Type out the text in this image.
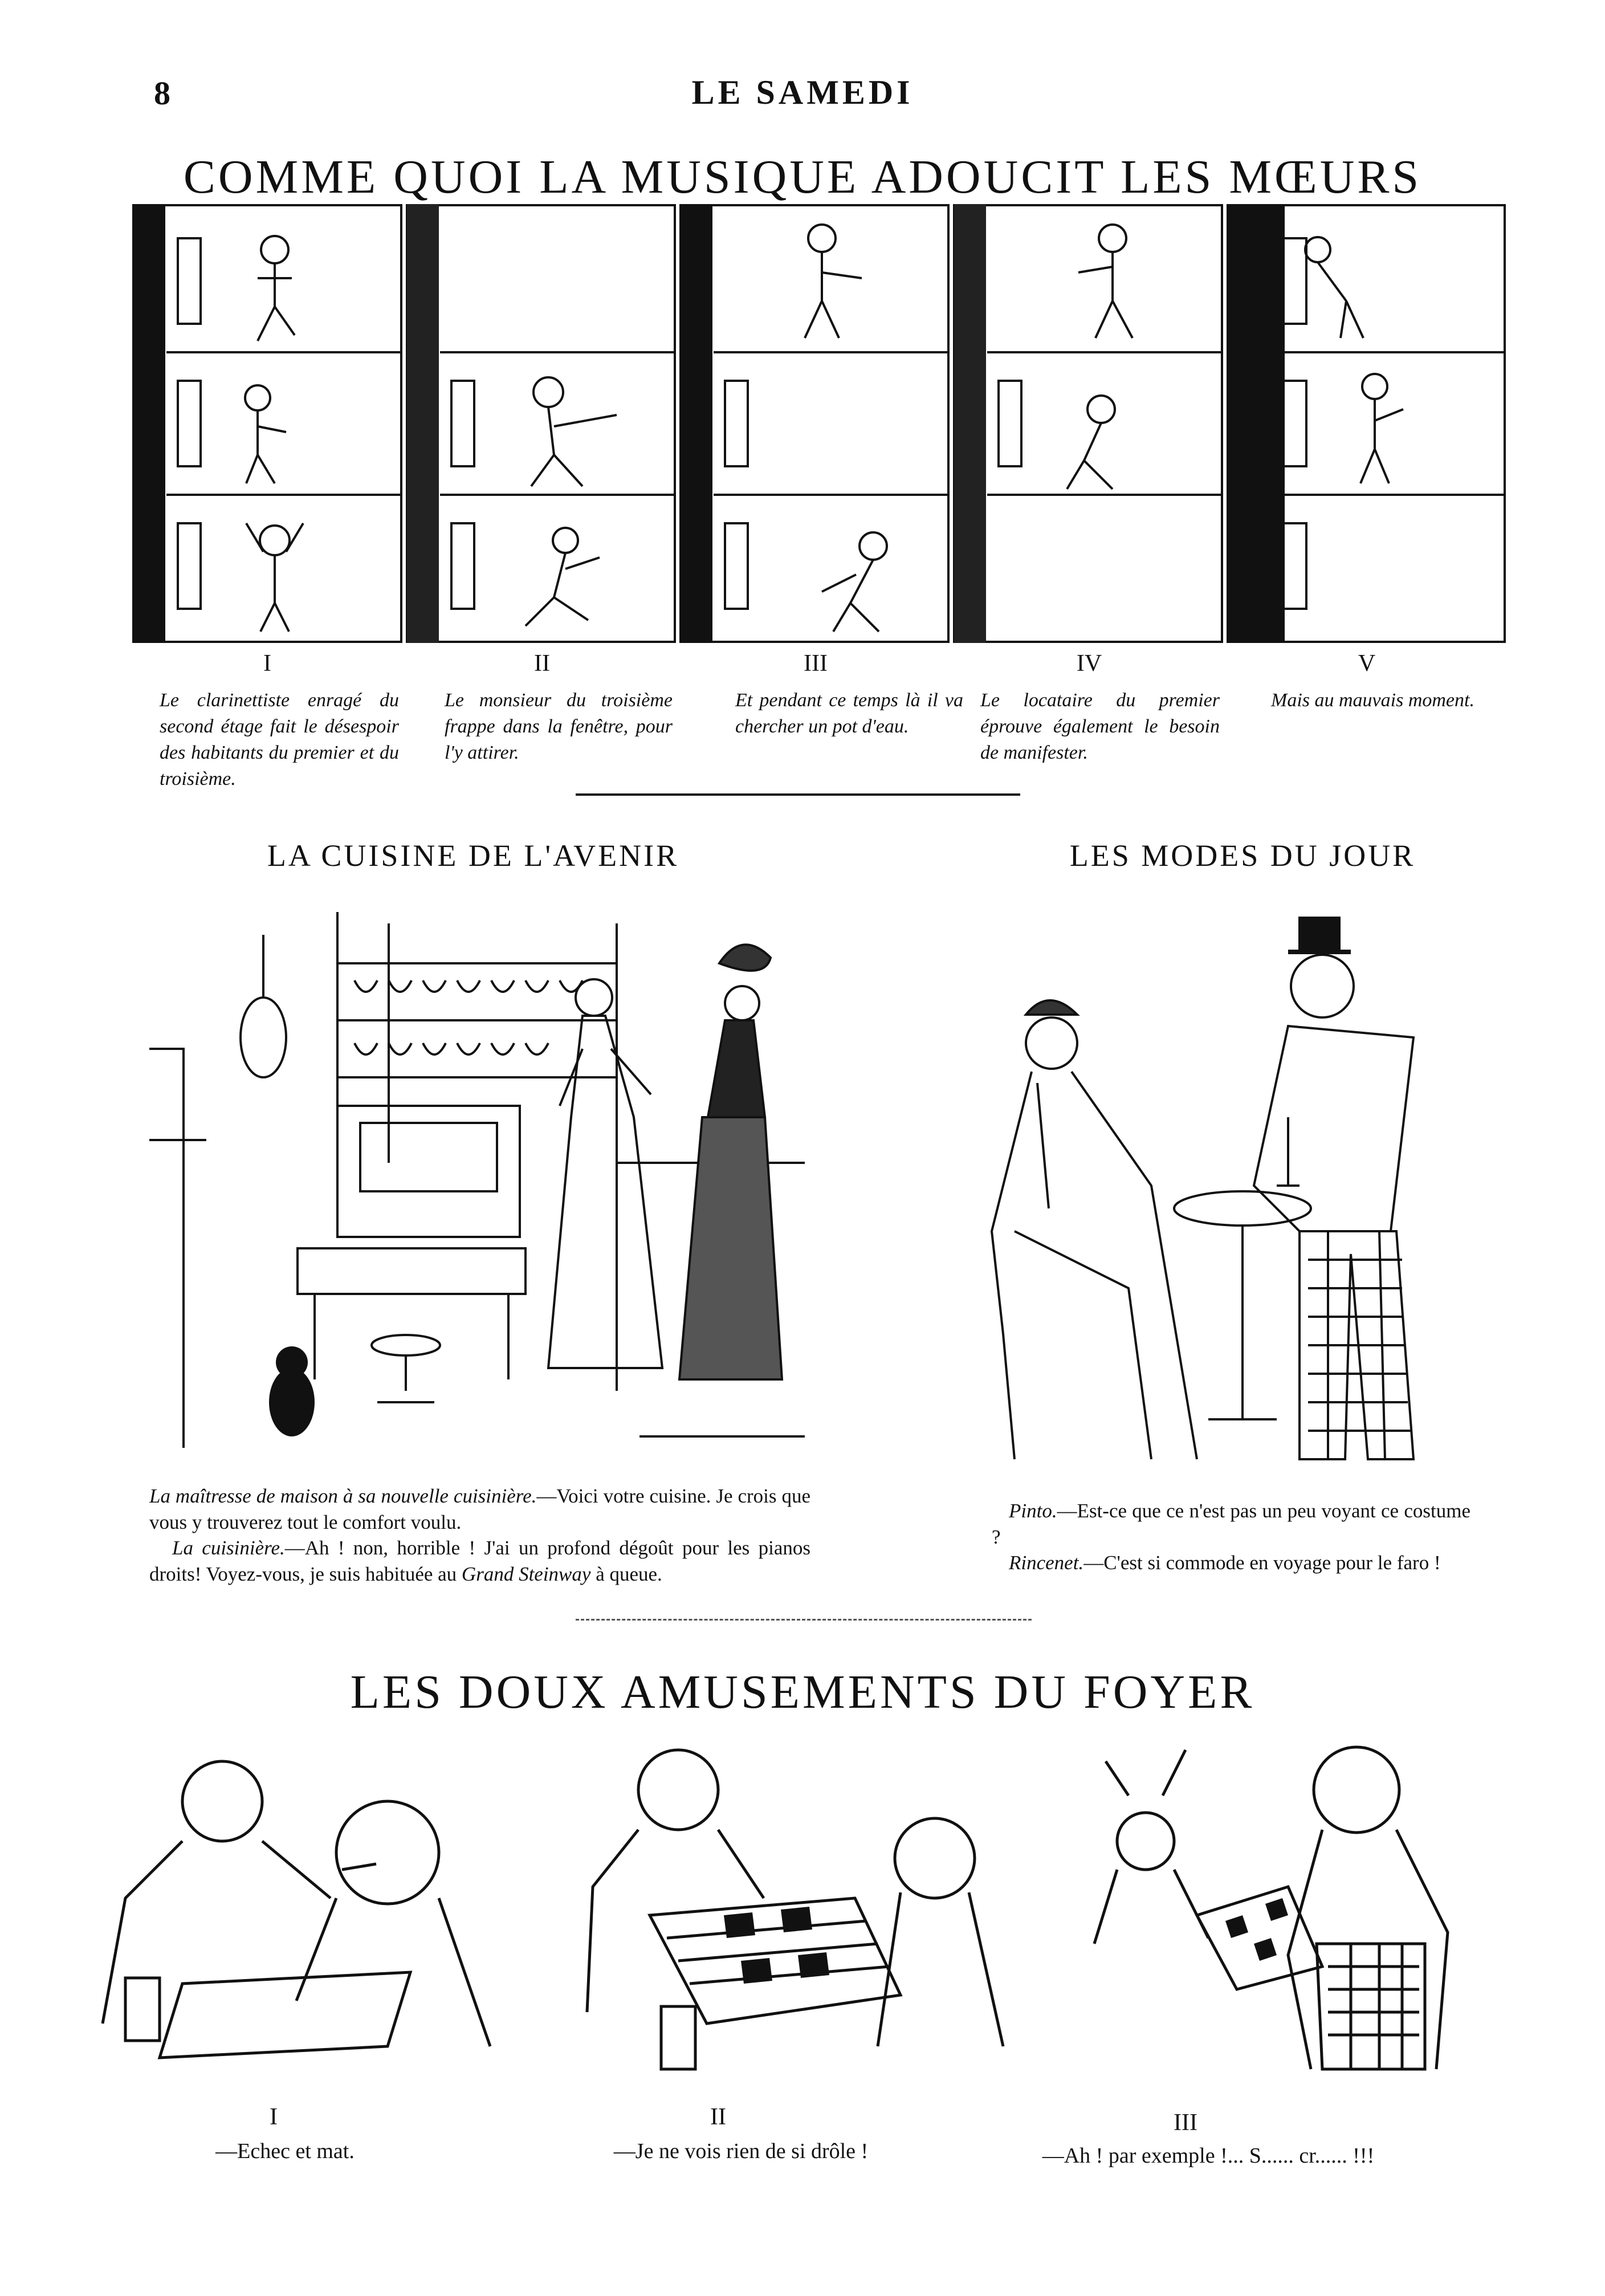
8	LE SAMEDI
COMME QUOI LA MUSIQUE ADOUCIT LES MŒURS
I	II	III	IV	V
Le clarinettiste enragé du second étage fait le désespoir des habitants du premier et du troisième.
Le monsieur du troisième frappe dans la fenêtre, pour l'y attirer.
Et pendant ce temps là il va chercher un pot d'eau.
Le locataire du premier éprouve également le besoin de manifester.
Mais au mauvais moment.
LA CUISINE DE L'AVENIR
La maîtresse de maison à sa nouvelle cuisinière.—Voici votre cuisine. Je crois que vous y trouverez tout le comfort voulu.
La cuisinière.—Ah ! non, horrible ! J'ai un profond dégoût pour les pianos droits! Voyez-vous, je suis habituée au Grand Steinway à queue.
LES MODES DU JOUR
Pinto.—Est-ce que ce n'est pas un peu voyant ce costume ?
Rincenet.—C'est si commode en voyage pour le faro !
LES DOUX AMUSEMENTS DU FOYER
I	II	III
—Echec et mat.	—Je ne vois rien de si drôle !	—Ah ! par exemple !... S...... cr...... !!!
